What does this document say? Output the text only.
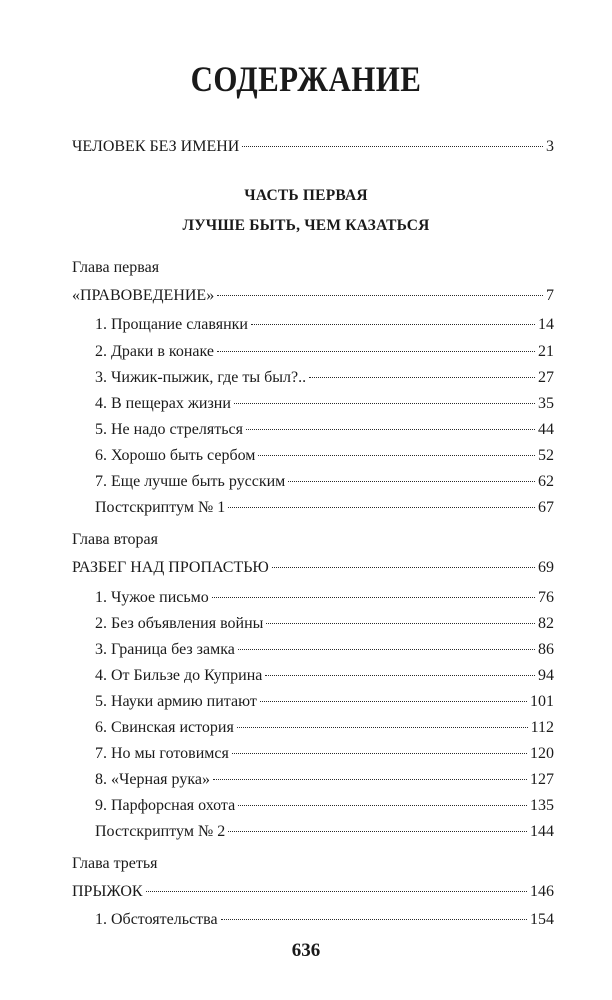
СОДЕРЖАНИЕ
ЧЕЛОВЕК БЕЗ ИМЕНИ	3
ЧАСТЬ ПЕРВАЯ
ЛУЧШЕ БЫТЬ, ЧЕМ КАЗАТЬСЯ
Глава первая
«ПРАВОВЕДЕНИЕ»	7
1. Прощание славянки	14
2. Драки в конаке	21
3. Чижик-пыжик, где ты был?..	27
4. В пещерах жизни	35
5. Не надо стреляться	44
6. Хорошо быть сербом	52
7. Еще лучше быть русским	62
Постскриптум № 1	67
Глава вторая
РАЗБЕГ НАД ПРОПАСТЬЮ	69
1. Чужое письмо	76
2. Без объявления войны	82
3. Граница без замка	86
4. От Бильзе до Куприна	94
5. Науки армию питают	101
6. Свинская история	112
7. Но мы готовимся	120
8. «Черная рука»	127
9. Парфорсная охота	135
Постскриптум № 2	144
Глава третья
ПРЫЖОК	146
1. Обстоятельства	154
636
